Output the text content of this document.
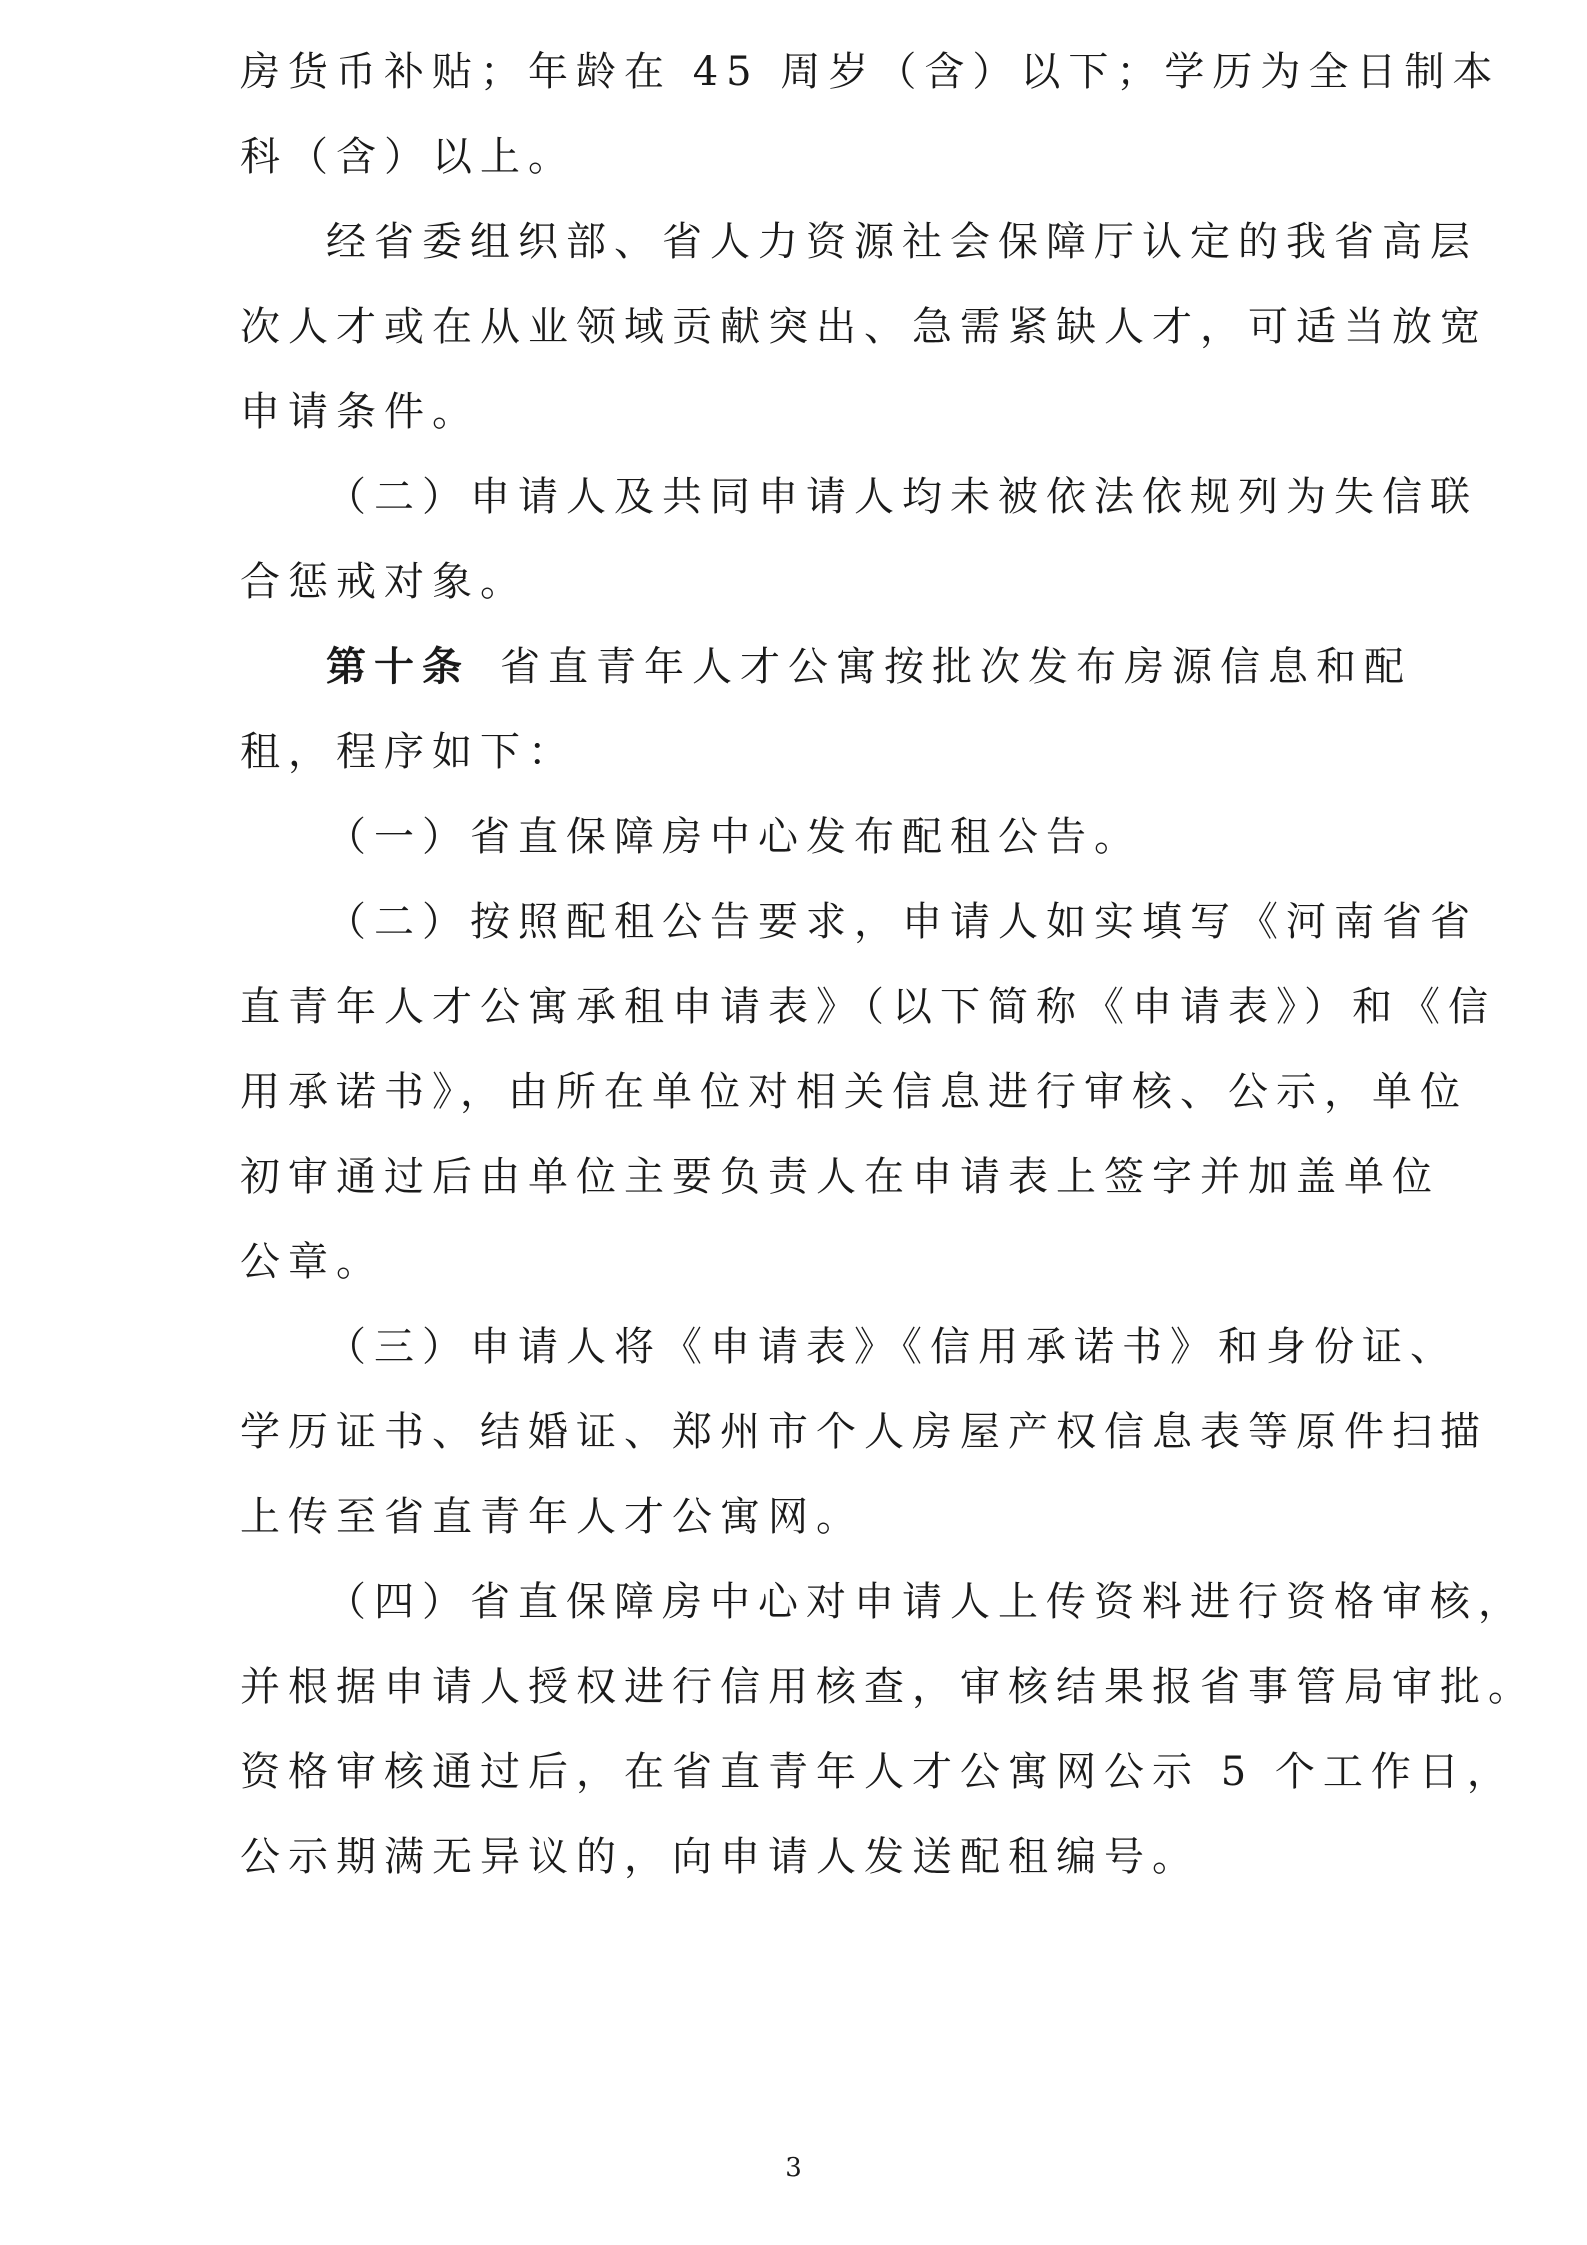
房货币补贴；年龄在 45 周岁（含）以下；学历为全日制本
科（含）以上。
经省委组织部、省人力资源社会保障厅认定的我省高层
次人才或在从业领域贡献突出、急需紧缺人才，可适当放宽
申请条件。
（二）申请人及共同申请人均未被依法依规列为失信联
合惩戒对象。
第十条 省直青年人才公寓按批次发布房源信息和配
租，程序如下：
（一）省直保障房中心发布配租公告。
（二）按照配租公告要求，申请人如实填写《河南省省
直青年人才公寓承租申请表》（以下简称《申请表》）和《信
用承诺书》，由所在单位对相关信息进行审核、公示，单位
初审通过后由单位主要负责人在申请表上签字并加盖单位
公章。
（三）申请人将《申请表》《信用承诺书》和身份证、
学历证书、结婚证、郑州市个人房屋产权信息表等原件扫描
上传至省直青年人才公寓网。
（四）省直保障房中心对申请人上传资料进行资格审核，
并根据申请人授权进行信用核查，审核结果报省事管局审批。
资格审核通过后，在省直青年人才公寓网公示 5 个工作日，
公示期满无异议的，向申请人发送配租编号。
3
